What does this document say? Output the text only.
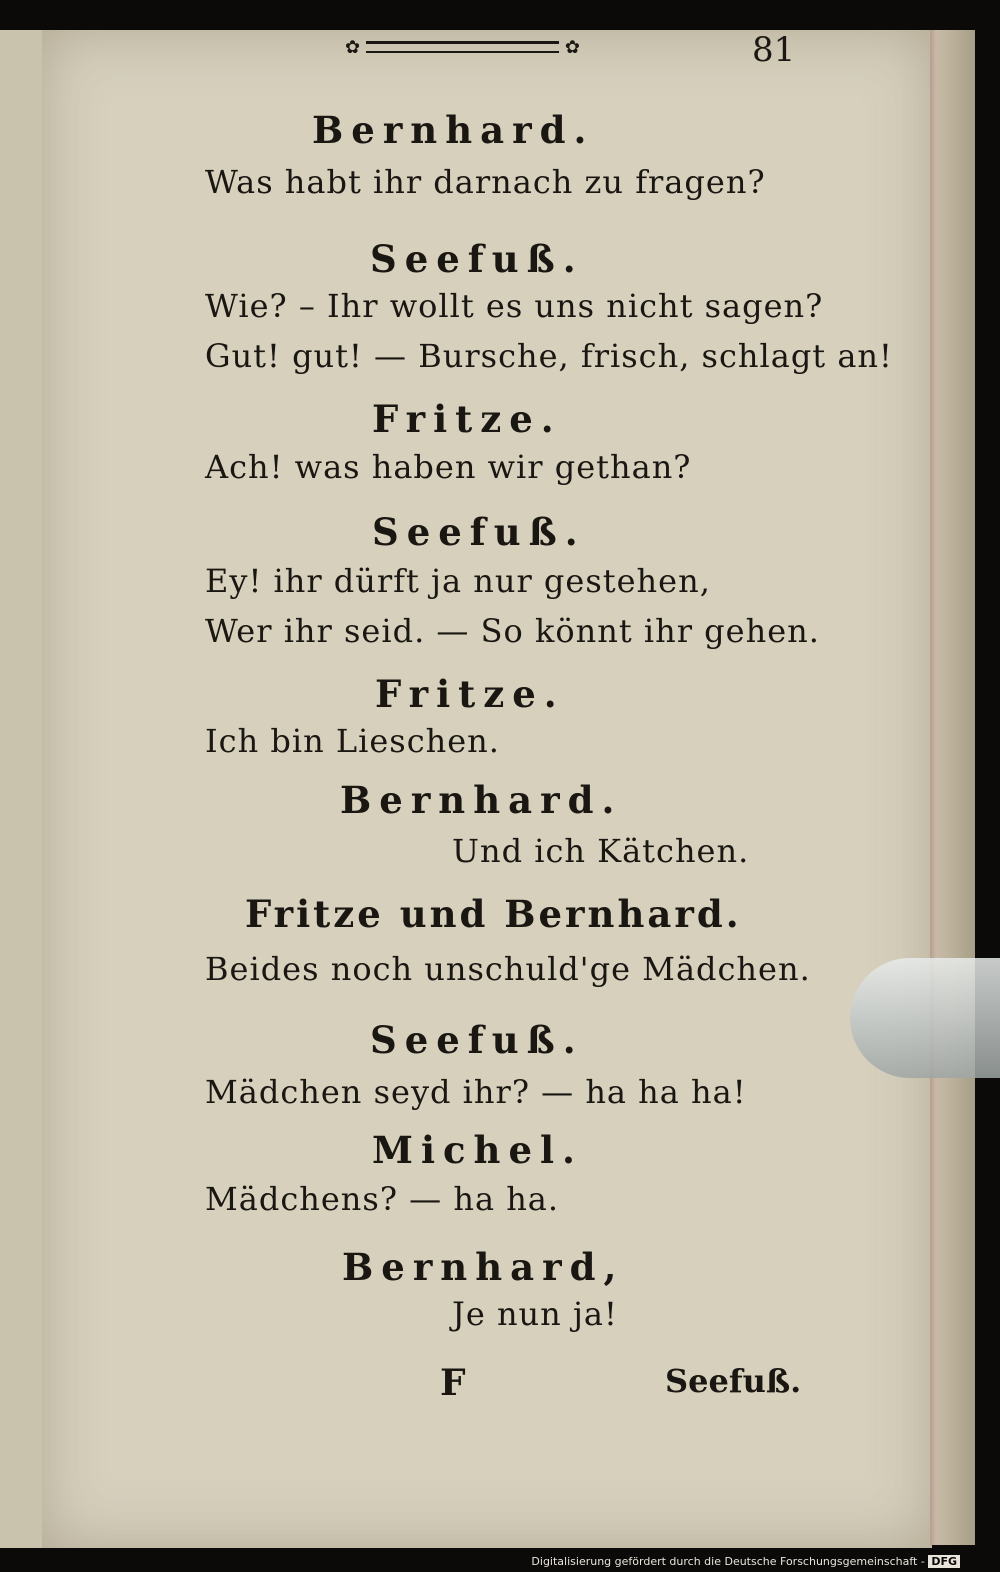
✿	✿	81
Bernhard.
Was habt ihr darnach zu fragen?
Seefuß.
Wie? – Ihr wollt es uns nicht sagen?
Gut! gut! — Bursche, frisch, schlagt an!
Fritze.
Ach! was haben wir gethan?
Seefuß.
Ey! ihr dürft ja nur gestehen,
Wer ihr seid. — So könnt ihr gehen.
Fritze.
Ich bin Lieschen.
Bernhard.
Und ich Kätchen.
Fritze und Bernhard.
Beides noch unschuld'ge Mädchen.
Seefuß.
Mädchen seyd ihr? — ha ha ha!
Michel.
Mädchens? — ha ha.
Bernhard,
Je nun ja!
F	Seefuß.
Digitalisierung gefördert durch die Deutsche Forschungsgemeinschaft - DFG
